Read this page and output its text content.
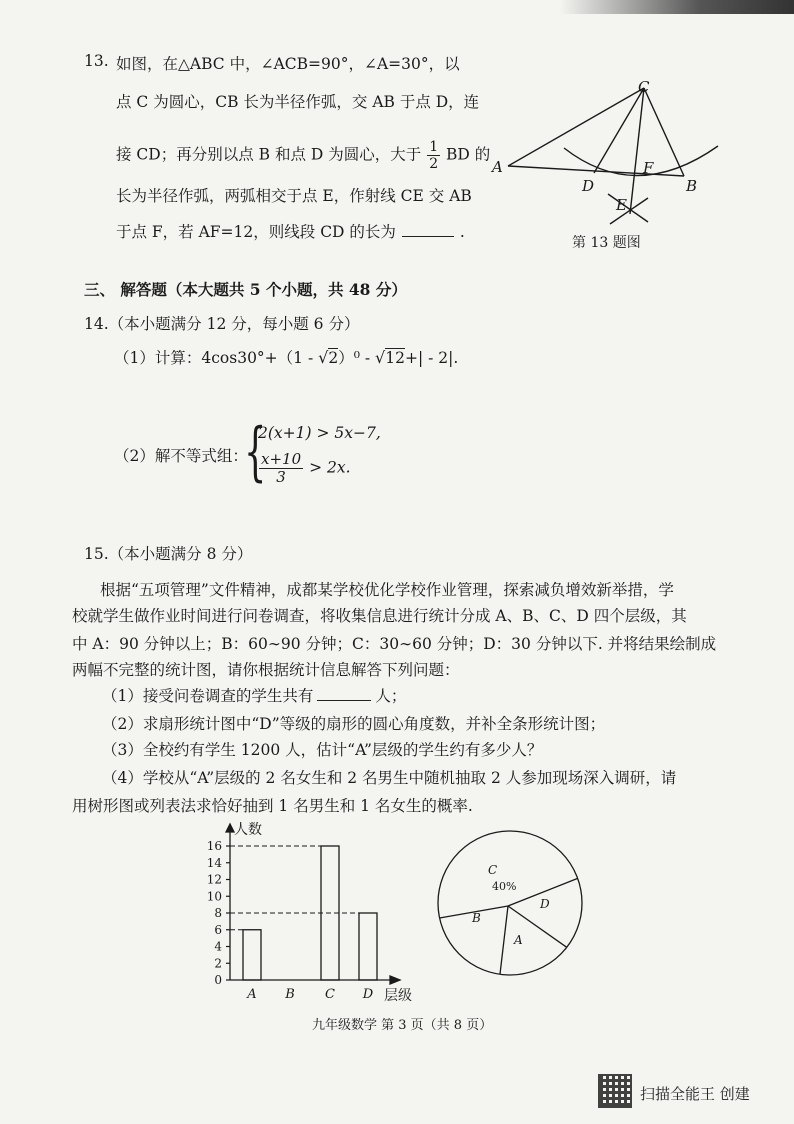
13. 如图，在△ABC 中，∠ACB=90°，∠A=30°，以
点 C 为圆心，CB 长为半径作弧，交 AB 于点 D，连
接 CD；再分别以点 B 和点 D 为圆心，大于 $\frac{1}{2}$ BD 的
长为半径作弧，两弧相交于点 E，作射线 CE 交 AB
于点 F，若 AF=12，则线段 CD 的长为	.
A
C
D	B
F
E
第 13 题图
三、 解答题（本大题共 5 个小题，共 48 分）
14.（本小题满分 12 分，每小题 6 分）
（1）计算：4cos30°+（1 - √2）⁰ - √12+| - 2|.
（2）解不等式组：
{
2(x+1) > 5x−7,
$\frac{x+10}{3} > 2x$.
15.（本小题满分 8 分）
根据“五项管理”文件精神，成都某学校优化学校作业管理，探索减负增效新举措，学
校就学生做作业时间进行问卷调查，将收集信息进行统计分成 A、B、C、D 四个层级，其
中 A：90 分钟以上；B：60∼90 分钟；C：30∼60 分钟；D：30 分钟以下. 并将结果绘制成
两幅不完整的统计图，请你根据统计信息解答下列问题：
（1）接受问卷调查的学生共有	人；
（2）求扇形统计图中“D”等级的扇形的圆心角度数，并补全条形统计图；
（3）全校约有学生 1200 人，估计“A”层级的学生约有多少人？
（4）学校从“A”层级的 2 名女生和 2 名男生中随机抽取 2 人参加现场深入调研，请
用树形图或列表法求恰好抽到 1 名男生和 1 名女生的概率.
0
2
4
6
8
10
12
14
16
A B C D
人数
层级
C
D
A
B
40%
九年级数学 第 3 页（共 8 页）
扫描全能王 创建
